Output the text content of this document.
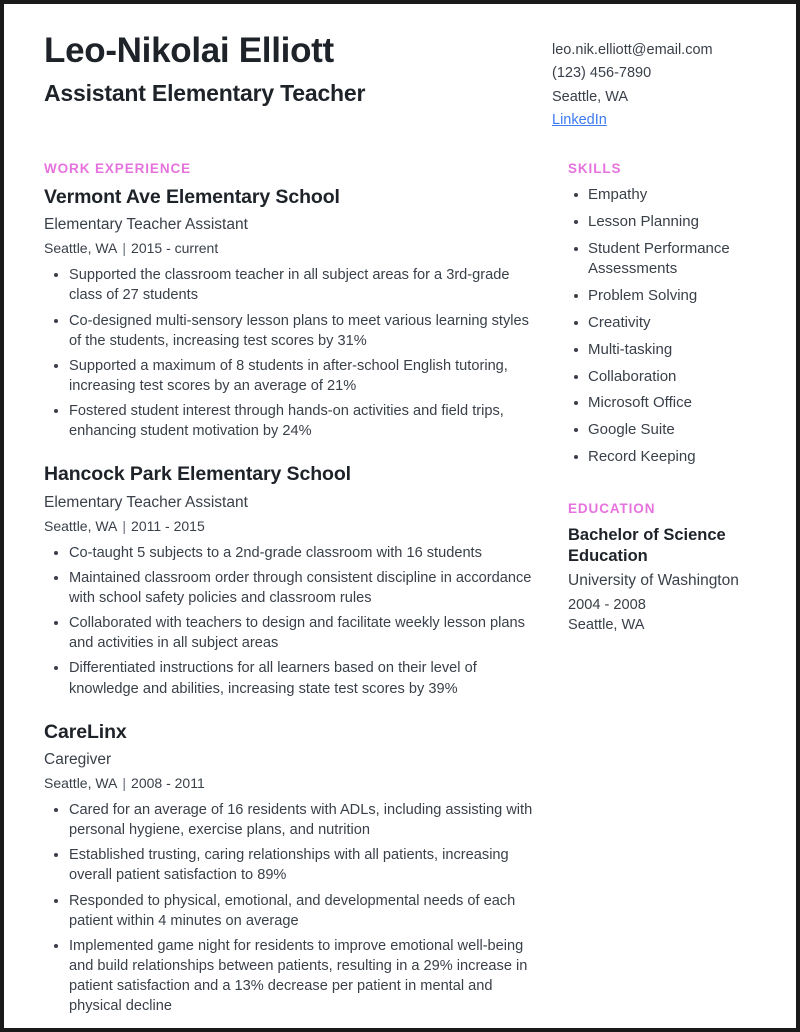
Leo-Nikolai Elliott
Assistant Elementary Teacher
leo.nik.elliott@email.com
(123) 456-7890
Seattle, WA
LinkedIn
WORK EXPERIENCE
Vermont Ave Elementary School
Elementary Teacher Assistant
Seattle, WA | 2015 - current
Supported the classroom teacher in all subject areas for a 3rd-grade class of 27 students
Co-designed multi-sensory lesson plans to meet various learning styles of the students, increasing test scores by 31%
Supported a maximum of 8 students in after-school English tutoring, increasing test scores by an average of 21%
Fostered student interest through hands-on activities and field trips, enhancing student motivation by 24%
Hancock Park Elementary School
Elementary Teacher Assistant
Seattle, WA | 2011 - 2015
Co-taught 5 subjects to a 2nd-grade classroom with 16 students
Maintained classroom order through consistent discipline in accordance with school safety policies and classroom rules
Collaborated with teachers to design and facilitate weekly lesson plans and activities in all subject areas
Differentiated instructions for all learners based on their level of knowledge and abilities, increasing state test scores by 39%
CareLinx
Caregiver
Seattle, WA | 2008 - 2011
Cared for an average of 16 residents with ADLs, including assisting with personal hygiene, exercise plans, and nutrition
Established trusting, caring relationships with all patients, increasing overall patient satisfaction to 89%
Responded to physical, emotional, and developmental needs of each patient within 4 minutes on average
Implemented game night for residents to improve emotional well-being and build relationships between patients, resulting in a 29% increase in patient satisfaction and a 13% decrease per patient in mental and physical decline
SKILLS
Empathy
Lesson Planning
Student Performance Assessments
Problem Solving
Creativity
Multi-tasking
Collaboration
Microsoft Office
Google Suite
Record Keeping
EDUCATION
Bachelor of Science Education
University of Washington
2004 - 2008
Seattle, WA
